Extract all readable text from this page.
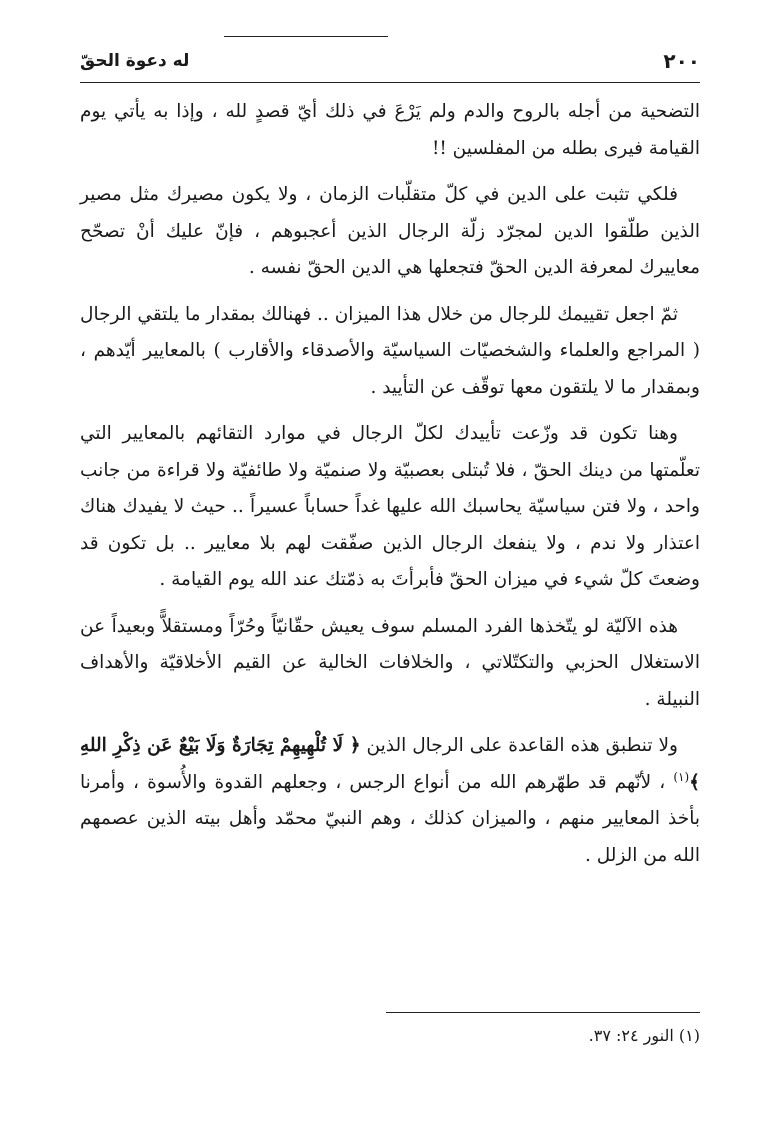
٢٠٠
له دعوة الحقّ

التضحية من أجله بالروح والدم ولم يَرْعَ في ذلك أيّ قصدٍ لله ، وإذا به يأتي يوم القيامة فيرى بطله من المفلسين !!

فلكي تثبت على الدين في كلّ متقلّبات الزمان ، ولا يكون مصيرك مثل مصير الذين طلّقوا الدين لمجرّد زلّة الرجال الذين أعجبوهم ، فإنّ عليك أنْ تصحّح معاييرك لمعرفة الدين الحقّ فتجعلها هي الدين الحقّ نفسه .

ثمّ اجعل تقييمك للرجال من خلال هذا الميزان .. فهنالك بمقدار ما يلتقي الرجال ( المراجع والعلماء والشخصيّات السياسيّة والأصدقاء والأقارب ) بالمعايير أيّدهم ، وبمقدار ما لا يلتقون معها توقّف عن التأييد .

وهنا تكون قد وزّعت تأييدك لكلّ الرجال في موارد التقائهم بالمعايير التي تعلّمتها من دينك الحقّ ، فلا تُبتلى بعصبيّة ولا صنميّة ولا طائفيّة ولا قراءة من جانب واحد ، ولا فتن سياسيّة يحاسبك الله عليها غداً حساباً عسيراً .. حيث لا يفيدك هناك اعتذار ولا ندم ، ولا ينفعك الرجال الذين صفّقت لهم بلا معايير .. بل تكون قد وضعتَ كلّ شيء في ميزان الحقّ فأبرأتَ به ذمّتك عند الله يوم القيامة .

هذه الآليّة لو يتّخذها الفرد المسلم سوف يعيش حقّانيّاً وحُرّاً ومستقلاًّ وبعيداً عن الاستغلال الحزبي والتكتّلاتي ، والخلافات الخالية عن القيم الأخلاقيّة والأهداف النبيلة .

ولا تنطبق هذه القاعدة على الرجال الذين ﴿ لَا تُلْهِيهِمْ تِجَارَةٌ وَلَا بَيْعٌ عَن ذِكْرِ اللهِ ﴾$^{(١)}$ ، لأنّهم قد طهّرهم الله من أنواع الرجس ، وجعلهم القدوة والأُسوة ، وأمرنا بأخذ المعايير منهم ، والميزان كذلك ، وهم النبيّ محمّد وأهل بيته الذين عصمهم الله من الزلل .

(١) النور ٢٤: ٣٧.
